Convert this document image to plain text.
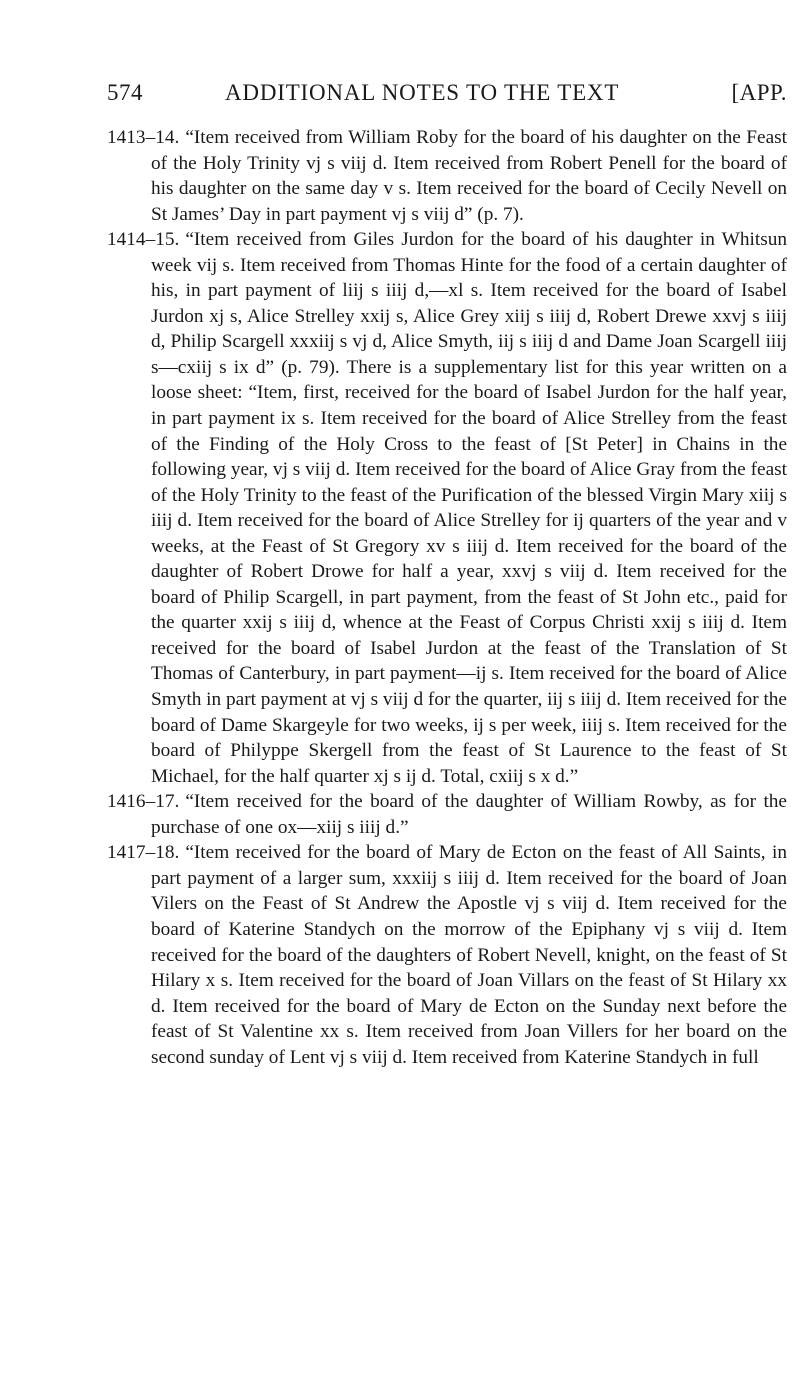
574	ADDITIONAL NOTES TO THE TEXT	[APP.

1413–14. “Item received from William Roby for the board of his daughter on the Feast of the Holy Trinity vj s viij d. Item received from Robert Penell for the board of his daughter on the same day v s. Item received for the board of Cecily Nevell on St James’ Day in part payment vj s viij d” (p. 7).

1414–15. “Item received from Giles Jurdon for the board of his daughter in Whitsun week vij s. Item received from Thomas Hinte for the food of a certain daughter of his, in part payment of liij s iiij d,—xl s. Item received for the board of Isabel Jurdon xj s, Alice Strelley xxij s, Alice Grey xiij s iiij d, Robert Drewe xxvj s iiij d, Philip Scargell xxxiij s vj d, Alice Smyth, iij s iiij d and Dame Joan Scargell iiij s—cxiij s ix d” (p. 79). There is a supplementary list for this year written on a loose sheet: “Item, first, received for the board of Isabel Jurdon for the half year, in part payment ix s. Item received for the board of Alice Strelley from the feast of the Finding of the Holy Cross to the feast of [St Peter] in Chains in the following year, vj s viij d. Item received for the board of Alice Gray from the feast of the Holy Trinity to the feast of the Purification of the blessed Virgin Mary xiij s iiij d. Item received for the board of Alice Strelley for ij quarters of the year and v weeks, at the Feast of St Gregory xv s iiij d. Item received for the board of the daughter of Robert Drowe for half a year, xxvj s viij d. Item received for the board of Philip Scargell, in part payment, from the feast of St John etc., paid for the quarter xxij s iiij d, whence at the Feast of Corpus Christi xxij s iiij d. Item received for the board of Isabel Jurdon at the feast of the Translation of St Thomas of Canterbury, in part payment—ij s. Item received for the board of Alice Smyth in part payment at vj s viij d for the quarter, iij s iiij d. Item received for the board of Dame Skargeyle for two weeks, ij s per week, iiij s. Item received for the board of Philyppe Skergell from the feast of St Laurence to the feast of St Michael, for the half quarter xj s ij d. Total, cxiij s x d.”

1416–17. “Item received for the board of the daughter of William Rowby, as for the purchase of one ox—xiij s iiij d.”

1417–18. “Item received for the board of Mary de Ecton on the feast of All Saints, in part payment of a larger sum, xxxiij s iiij d. Item received for the board of Joan Vilers on the Feast of St Andrew the Apostle vj s viij d. Item received for the board of Katerine Standych on the morrow of the Epiphany vj s viij d. Item received for the board of the daughters of Robert Nevell, knight, on the feast of St Hilary x s. Item received for the board of Joan Villars on the feast of St Hilary xx d. Item received for the board of Mary de Ecton on the Sunday next before the feast of St Valentine xx s. Item received from Joan Villers for her board on the second sunday of Lent vj s viij d. Item received from Katerine Standych in full
